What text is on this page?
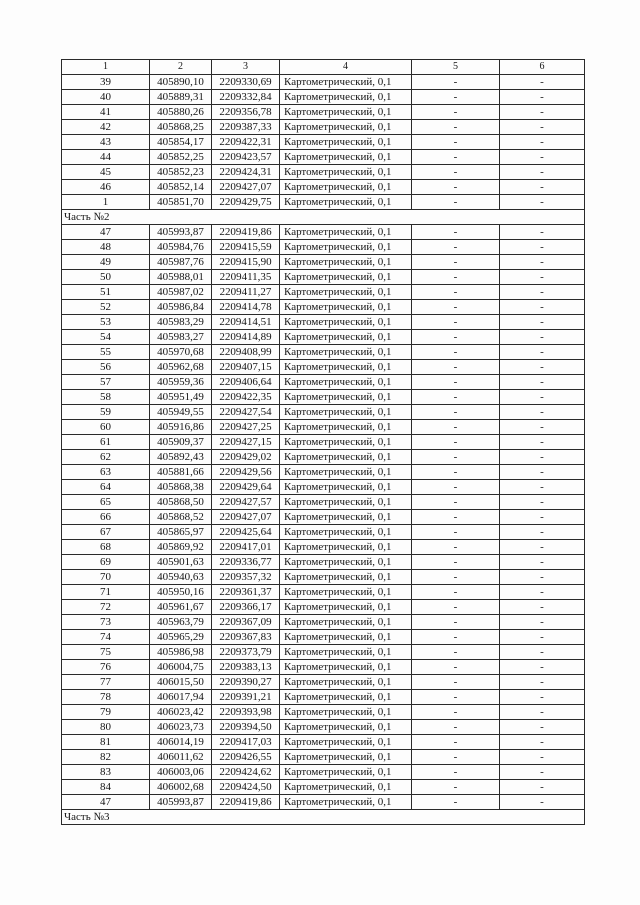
1	2	3	4	5	6
39	405890,10	2209330,69	Картометрический, 0,1	-	-
40	405889,31	2209332,84	Картометрический, 0,1	-	-
41	405880,26	2209356,78	Картометрический, 0,1	-	-
42	405868,25	2209387,33	Картометрический, 0,1	-	-
43	405854,17	2209422,31	Картометрический, 0,1	-	-
44	405852,25	2209423,57	Картометрический, 0,1	-	-
45	405852,23	2209424,31	Картометрический, 0,1	-	-
46	405852,14	2209427,07	Картометрический, 0,1	-	-
1	405851,70	2209429,75	Картометрический, 0,1	-	-
Часть №2					
47	405993,87	2209419,86	Картометрический, 0,1	-	-
48	405984,76	2209415,59	Картометрический, 0,1	-	-
49	405987,76	2209415,90	Картометрический, 0,1	-	-
50	405988,01	2209411,35	Картометрический, 0,1	-	-
51	405987,02	2209411,27	Картометрический, 0,1	-	-
52	405986,84	2209414,78	Картометрический, 0,1	-	-
53	405983,29	2209414,51	Картометрический, 0,1	-	-
54	405983,27	2209414,89	Картометрический, 0,1	-	-
55	405970,68	2209408,99	Картометрический, 0,1	-	-
56	405962,68	2209407,15	Картометрический, 0,1	-	-
57	405959,36	2209406,64	Картометрический, 0,1	-	-
58	405951,49	2209422,35	Картометрический, 0,1	-	-
59	405949,55	2209427,54	Картометрический, 0,1	-	-
60	405916,86	2209427,25	Картометрический, 0,1	-	-
61	405909,37	2209427,15	Картометрический, 0,1	-	-
62	405892,43	2209429,02	Картометрический, 0,1	-	-
63	405881,66	2209429,56	Картометрический, 0,1	-	-
64	405868,38	2209429,64	Картометрический, 0,1	-	-
65	405868,50	2209427,57	Картометрический, 0,1	-	-
66	405868,52	2209427,07	Картометрический, 0,1	-	-
67	405865,97	2209425,64	Картометрический, 0,1	-	-
68	405869,92	2209417,01	Картометрический, 0,1	-	-
69	405901,63	2209336,77	Картометрический, 0,1	-	-
70	405940,63	2209357,32	Картометрический, 0,1	-	-
71	405950,16	2209361,37	Картометрический, 0,1	-	-
72	405961,67	2209366,17	Картометрический, 0,1	-	-
73	405963,79	2209367,09	Картометрический, 0,1	-	-
74	405965,29	2209367,83	Картометрический, 0,1	-	-
75	405986,98	2209373,79	Картометрический, 0,1	-	-
76	406004,75	2209383,13	Картометрический, 0,1	-	-
77	406015,50	2209390,27	Картометрический, 0,1	-	-
78	406017,94	2209391,21	Картометрический, 0,1	-	-
79	406023,42	2209393,98	Картометрический, 0,1	-	-
80	406023,73	2209394,50	Картометрический, 0,1	-	-
81	406014,19	2209417,03	Картометрический, 0,1	-	-
82	406011,62	2209426,55	Картометрический, 0,1	-	-
83	406003,06	2209424,62	Картометрический, 0,1	-	-
84	406002,68	2209424,50	Картометрический, 0,1	-	-
47	405993,87	2209419,86	Картометрический, 0,1	-	-
Часть №3					
